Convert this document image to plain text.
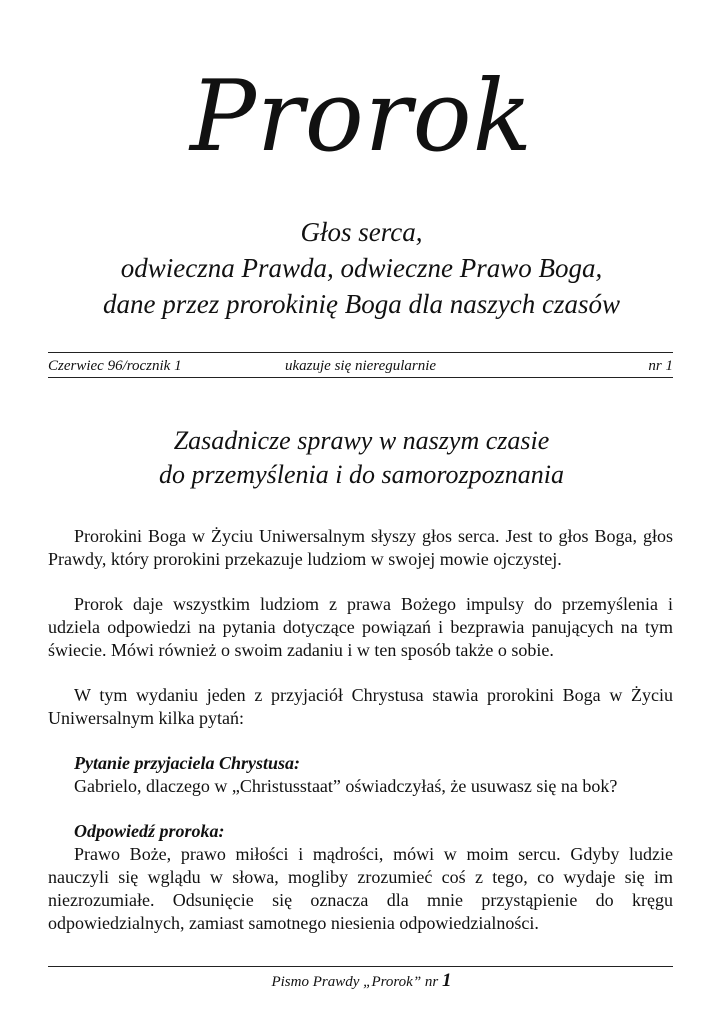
Prorok
Głos serca,
odwieczna Prawda, odwieczne Prawo Boga,
dane przez prorokinię Boga dla naszych czasów
Czerwiec 96/rocznik 1	ukazuje się nieregularnie	nr 1
Zasadnicze sprawy w naszym czasie
do przemyślenia i do samorozpoznania

Prorokini Boga w Życiu Uniwersalnym słyszy głos serca. Jest to głos Boga, głos Prawdy, który prorokini przekazuje ludziom w swojej mowie ojczystej.

Prorok daje wszystkim ludziom z prawa Bożego impulsy do przemyślenia i udziela odpowiedzi na pytania dotyczące powiązań i bezprawia panujących na tym świecie. Mówi również o swoim zadaniu i w ten sposób także o sobie.

W tym wydaniu jeden z przyjaciół Chrystusa stawia prorokini Boga w Życiu Uniwersalnym kilka pytań:

Pytanie przyjaciela Chrystusa:

Gabrielo, dlaczego w „Christusstaat” oświadczyłaś, że usuwasz się na bok?

Odpowiedź proroka:

Prawo Boże, prawo miłości i mądrości, mówi w moim sercu. Gdyby ludzie nauczyli się wglądu w słowa, mogliby zrozumieć coś z tego, co wydaje się im niezrozumiałe. Odsunięcie się oznacza dla mnie przystąpienie do kręgu odpowiedzialnych, zamiast samotnego niesienia odpowiedzialności.

Pismo Prawdy „Prorok” nr 1
